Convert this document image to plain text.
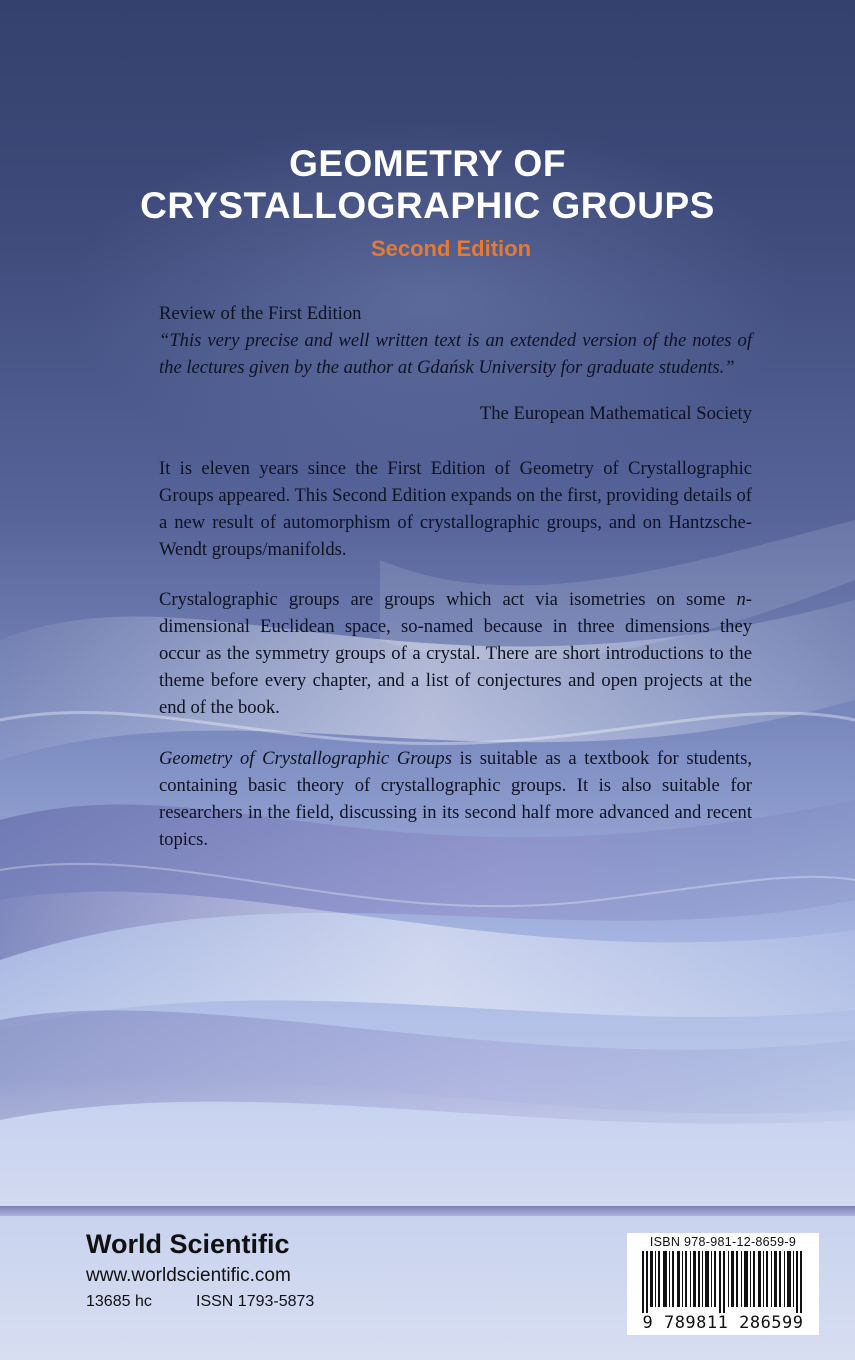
GEOMETRY OF
CRYSTALLOGRAPHIC GROUPS
Second Edition
Review of the First Edition
“This very precise and well written text is an extended version of the notes of the lectures given by the author at Gdańsk University for graduate students.”
The European Mathematical Society
It is eleven years since the First Edition of Geometry of Crystallographic Groups appeared. This Second Edition expands on the first, providing details of a new result of automorphism of crystallographic groups, and on Hantzsche-Wendt groups/manifolds.
Crystalographic groups are groups which act via isometries on some n-dimensional Euclidean space, so-named because in three dimensions they occur as the symmetry groups of a crystal. There are short introductions to the theme before every chapter, and a list of conjectures and open projects at the end of the book.
Geometry of Crystallographic Groups is suitable as a textbook for students, containing basic theory of crystallographic groups. It is also suitable for researchers in the field, discussing in its second half more advanced and recent topics.
World Scientific
www.worldscientific.com
13685 hc	ISSN 1793-5873
ISBN 978-981-12-8659-9
9 789811 286599
